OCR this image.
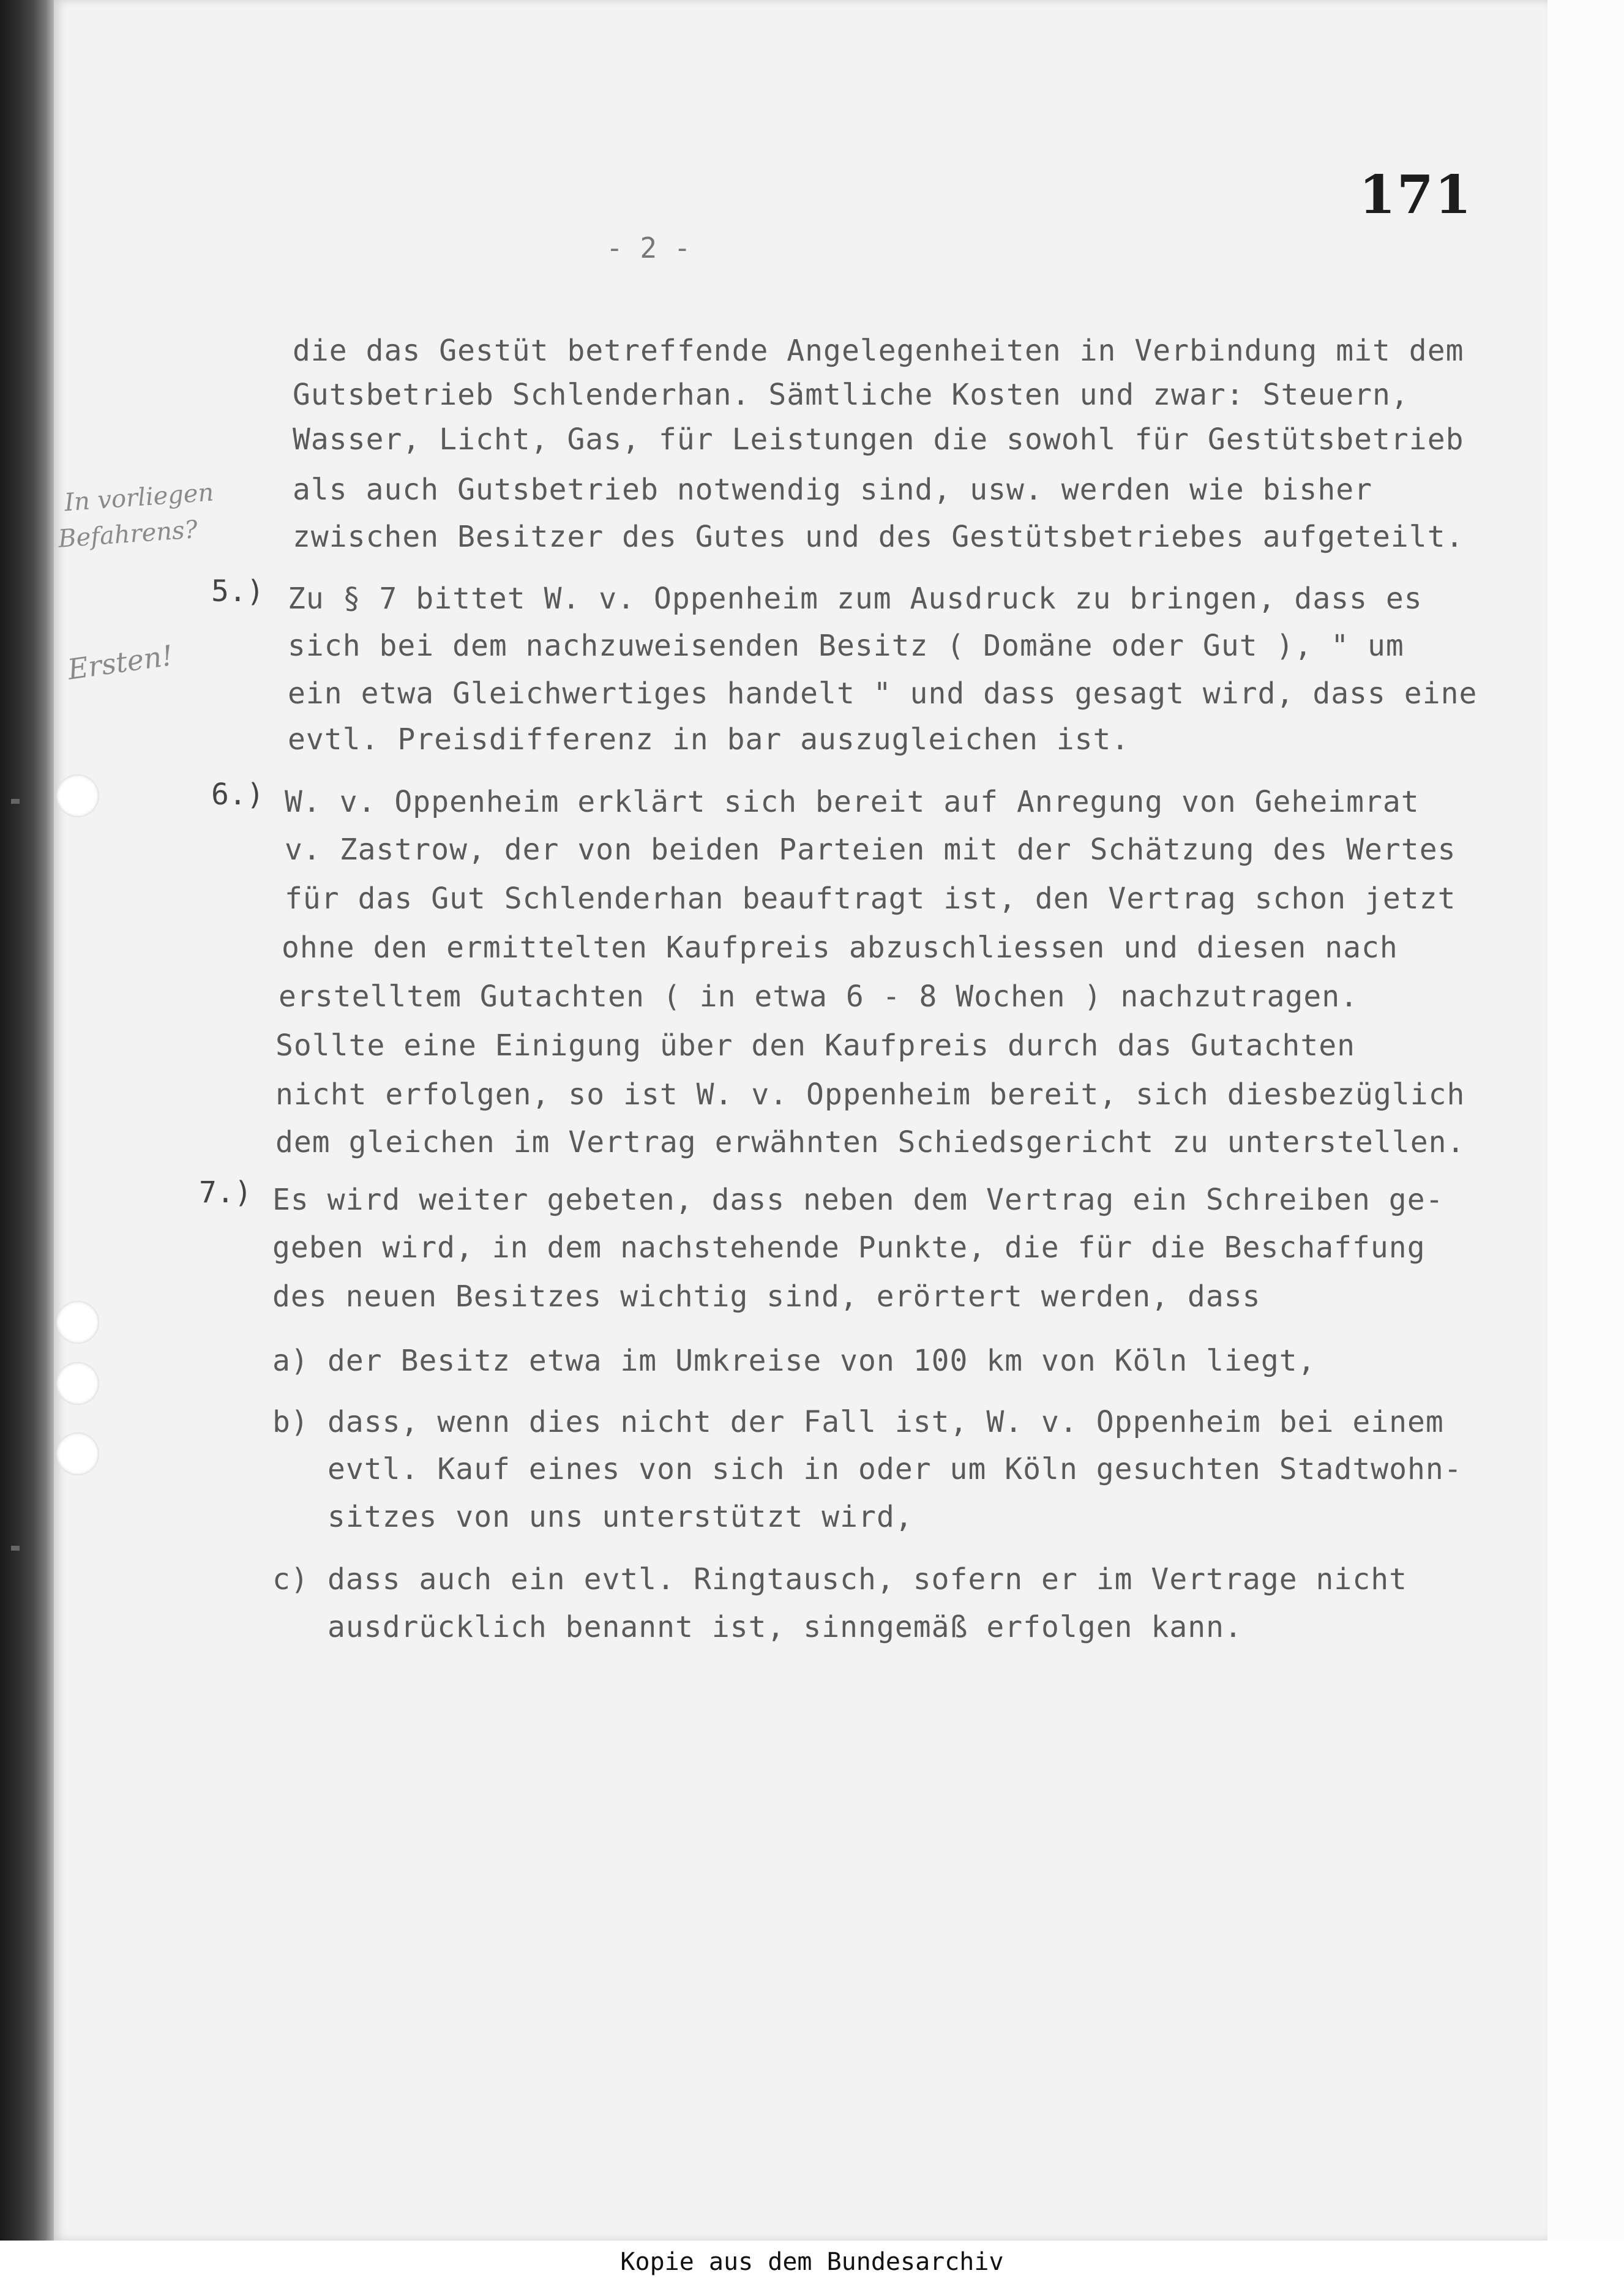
171
- 2 -
In vorliegen
Befahrens?
Ersten!
die das Gestüt betreffende Angelegenheiten in Verbindung mit dem
Gutsbetrieb Schlenderhan. Sämtliche Kosten und zwar: Steuern,
Wasser, Licht, Gas, für Leistungen die sowohl für Gestütsbetrieb
als auch Gutsbetrieb notwendig sind, usw. werden wie bisher
zwischen Besitzer des Gutes und des Gestütsbetriebes aufgeteilt.
5.) Zu § 7 bittet W. v. Oppenheim zum Ausdruck zu bringen, dass es
sich bei dem nachzuweisenden Besitz ( Domäne oder Gut ), " um
ein etwa Gleichwertiges handelt " und dass gesagt wird, dass eine
evtl. Preisdifferenz in bar auszugleichen ist.
6.) W. v. Oppenheim erklärt sich bereit auf Anregung von Geheimrat
v. Zastrow, der von beiden Parteien mit der Schätzung des Wertes
für das Gut Schlenderhan beauftragt ist, den Vertrag schon jetzt
ohne den ermittelten Kaufpreis abzuschliessen und diesen nach
erstelltem Gutachten ( in etwa 6 - 8 Wochen ) nachzutragen.
Sollte eine Einigung über den Kaufpreis durch das Gutachten
nicht erfolgen, so ist W. v. Oppenheim bereit, sich diesbezüglich
dem gleichen im Vertrag erwähnten Schiedsgericht zu unterstellen.
7.) Es wird weiter gebeten, dass neben dem Vertrag ein Schreiben ge-
geben wird, in dem nachstehende Punkte, die für die Beschaffung
des neuen Besitzes wichtig sind, erörtert werden, dass
a) der Besitz etwa im Umkreise von 100 km von Köln liegt,
b) dass, wenn dies nicht der Fall ist, W. v. Oppenheim bei einem
evtl. Kauf eines von sich in oder um Köln gesuchten Stadtwohn-
sitzes von uns unterstützt wird,
c) dass auch ein evtl. Ringtausch, sofern er im Vertrage nicht
ausdrücklich benannt ist, sinngemäß erfolgen kann.
Kopie aus dem Bundesarchiv
